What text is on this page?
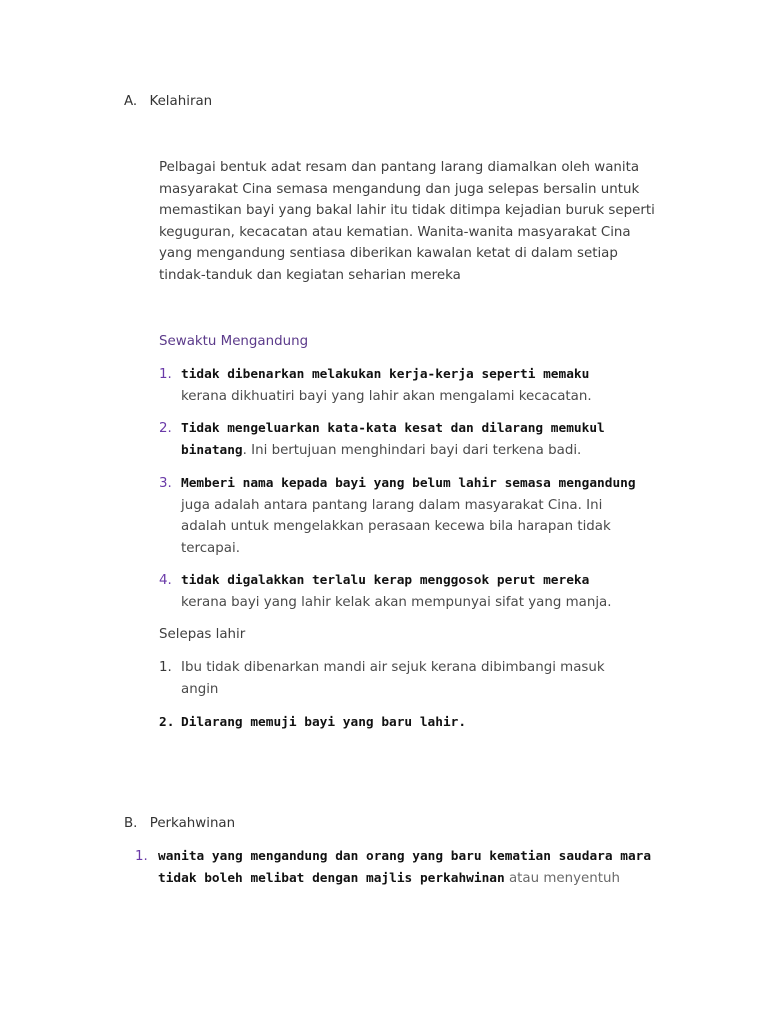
A. Kelahiran
Pelbagai bentuk adat resam dan pantang larang diamalkan oleh wanita masyarakat Cina semasa mengandung dan juga selepas bersalin untuk memastikan bayi yang bakal lahir itu tidak ditimpa kejadian buruk seperti keguguran, kecacatan atau kematian. Wanita-wanita masyarakat Cina yang mengandung sentiasa diberikan kawalan ketat di dalam setiap tindak-tanduk dan kegiatan seharian mereka
Sewaktu Mengandung
1. tidak dibenarkan melakukan kerja-kerja seperti memaku kerana dikhuatiri bayi yang lahir akan mengalami kecacatan.
2. Tidak mengeluarkan kata-kata kesat dan dilarang memukul binatang. Ini bertujuan menghindari bayi dari terkena badi.
3. Memberi nama kepada bayi yang belum lahir semasa mengandung juga adalah antara pantang larang dalam masyarakat Cina. Ini adalah untuk mengelakkan perasaan kecewa bila harapan tidak tercapai.
4. tidak digalakkan terlalu kerap menggosok perut mereka kerana bayi yang lahir kelak akan mempunyai sifat yang manja.
Selepas lahir
1. Ibu tidak dibenarkan mandi air sejuk kerana dibimbangi masuk angin
2. Dilarang memuji bayi yang baru lahir.
B. Perkahwinan
1. wanita yang mengandung dan orang yang baru kematian saudara mara tidak boleh melibat dengan majlis perkahwinan atau menyentuh
